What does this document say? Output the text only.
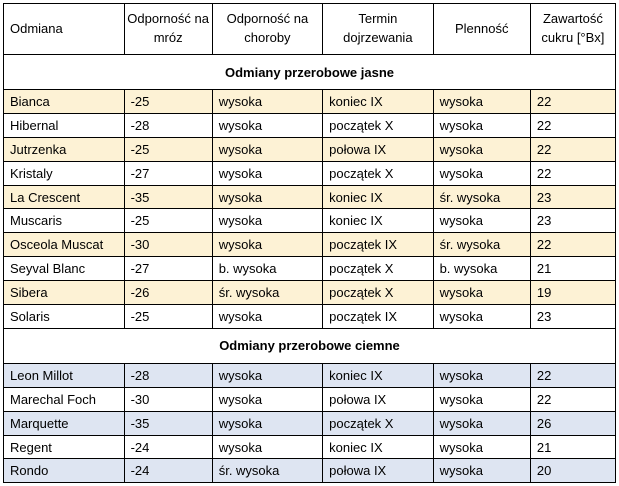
Odmiana	Odporność na mróz	Odporność na choroby	Termin dojrzewania	Plenność	Zawartość cukru [°Bx]
Odmiany przerobowe jasne					
Bianca	-25	wysoka	koniec IX	wysoka	22
Hibernal	-28	wysoka	początek X	wysoka	22
Jutrzenka	-25	wysoka	połowa IX	wysoka	22
Kristaly	-27	wysoka	początek X	wysoka	22
La Crescent	-35	wysoka	koniec IX	śr. wysoka	23
Muscaris	-25	wysoka	koniec IX	wysoka	23
Osceola Muscat	-30	wysoka	początek IX	śr. wysoka	22
Seyval Blanc	-27	b. wysoka	początek X	b. wysoka	21
Sibera	-26	śr. wysoka	początek X	wysoka	19
Solaris	-25	wysoka	początek IX	wysoka	23
Odmiany przerobowe ciemne					
Leon Millot	-28	wysoka	koniec IX	wysoka	22
Marechal Foch	-30	wysoka	połowa IX	wysoka	22
Marquette	-35	wysoka	początek X	wysoka	26
Regent	-24	wysoka	koniec IX	wysoka	21
Rondo	-24	śr. wysoka	połowa IX	wysoka	20
